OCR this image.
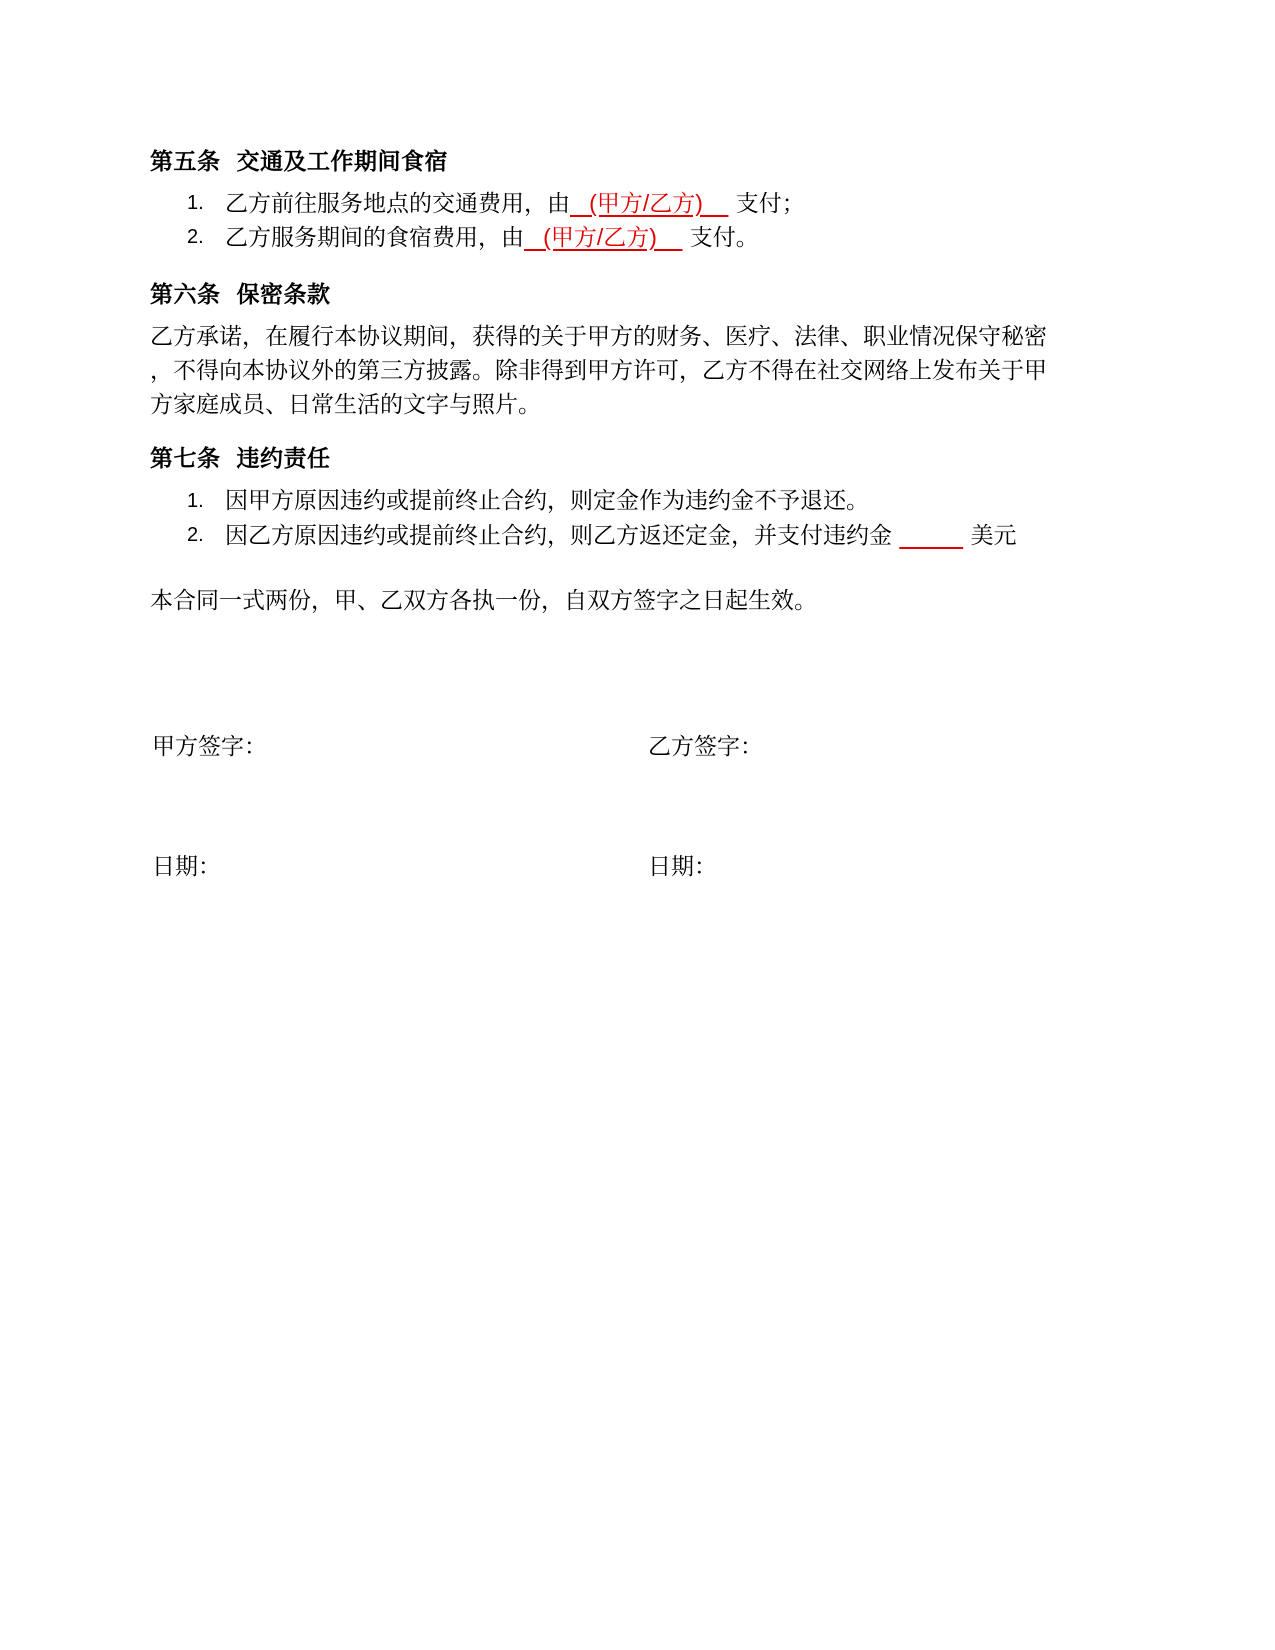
第五条 交通及工作期间食宿
1. 乙方前往服务地点的交通费用，由   (甲方/乙方)     支付；
2. 乙方服务期间的食宿费用，由   (甲方/乙方)     支付。
第六条 保密条款
乙方承诺，在履行本协议期间，获得的关于甲方的财务、医疗、法律、职业情况保守秘密
，不得向本协议外的第三方披露。除非得到甲方许可，乙方不得在社交网络上发布关于甲
方家庭成员、日常生活的文字与照片。
第七条 违约责任
1. 因甲方原因违约或提前终止合约，则定金作为违约金不予退还。
2. 因乙方原因违约或提前终止合约，则乙方返还定金，并支付违约金	美元
本合同一式两份，甲、乙双方各执一份，自双方签字之日起生效。
甲方签字：	乙方签字：
日期：	日期：
